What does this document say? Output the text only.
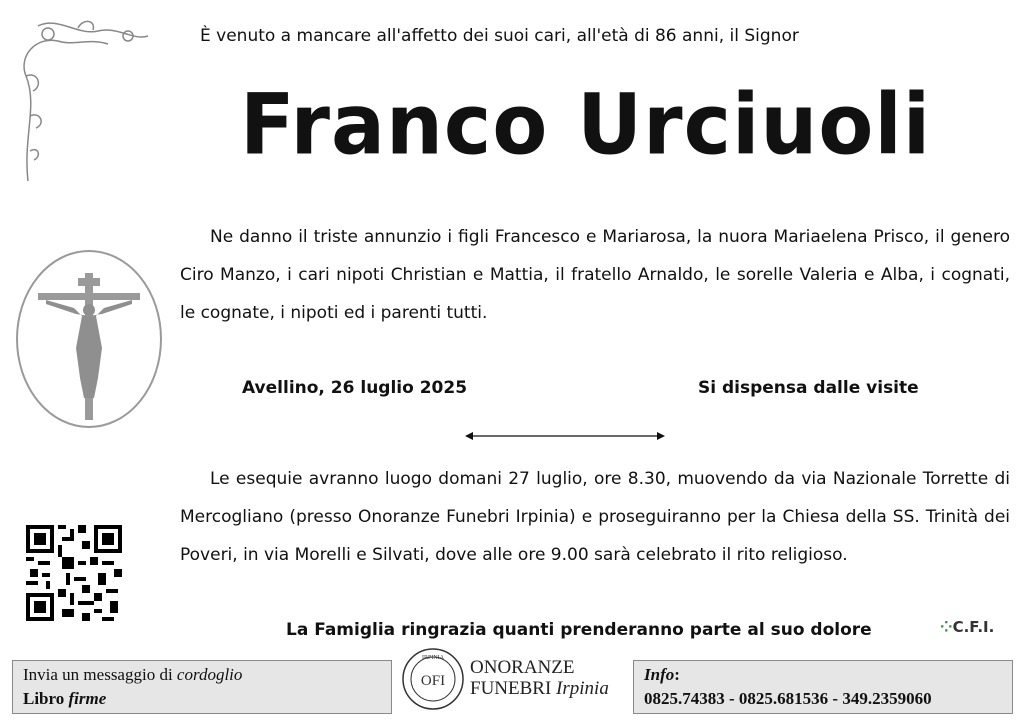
È venuto a mancare all'affetto dei suoi cari, all'età di 86 anni, il Signor
Franco Urciuoli
Ne danno il triste annunzio i figli Francesco e Mariarosa, la nuora Mariaelena Prisco, il genero Ciro Manzo, i cari nipoti Christian e Mattia, il fratello Arnaldo, le sorelle Valeria e Alba, i cognati, le cognate, i nipoti ed i parenti tutti.
Avellino, 26 luglio 2025	Si dispensa dalle visite
Le esequie avranno luogo domani 27 luglio, ore 8.30, muovendo da via Nazionale Torrette di Mercogliano (presso Onoranze Funebri Irpinia) e proseguiranno per la Chiesa della SS. Trinità dei Poveri, in via Morelli e Silvati, dove alle ore 9.00 sarà celebrato il rito religioso.
La Famiglia ringrazia quanti prenderanno parte al suo dolore	⁘C.F.I.
Invia un messaggio di cordoglio
Libro firme
IRPINIA
OFI
ONORANZE
FUNEBRI Irpinia
Info:
0825.74383 - 0825.681536 - 349.2359060
